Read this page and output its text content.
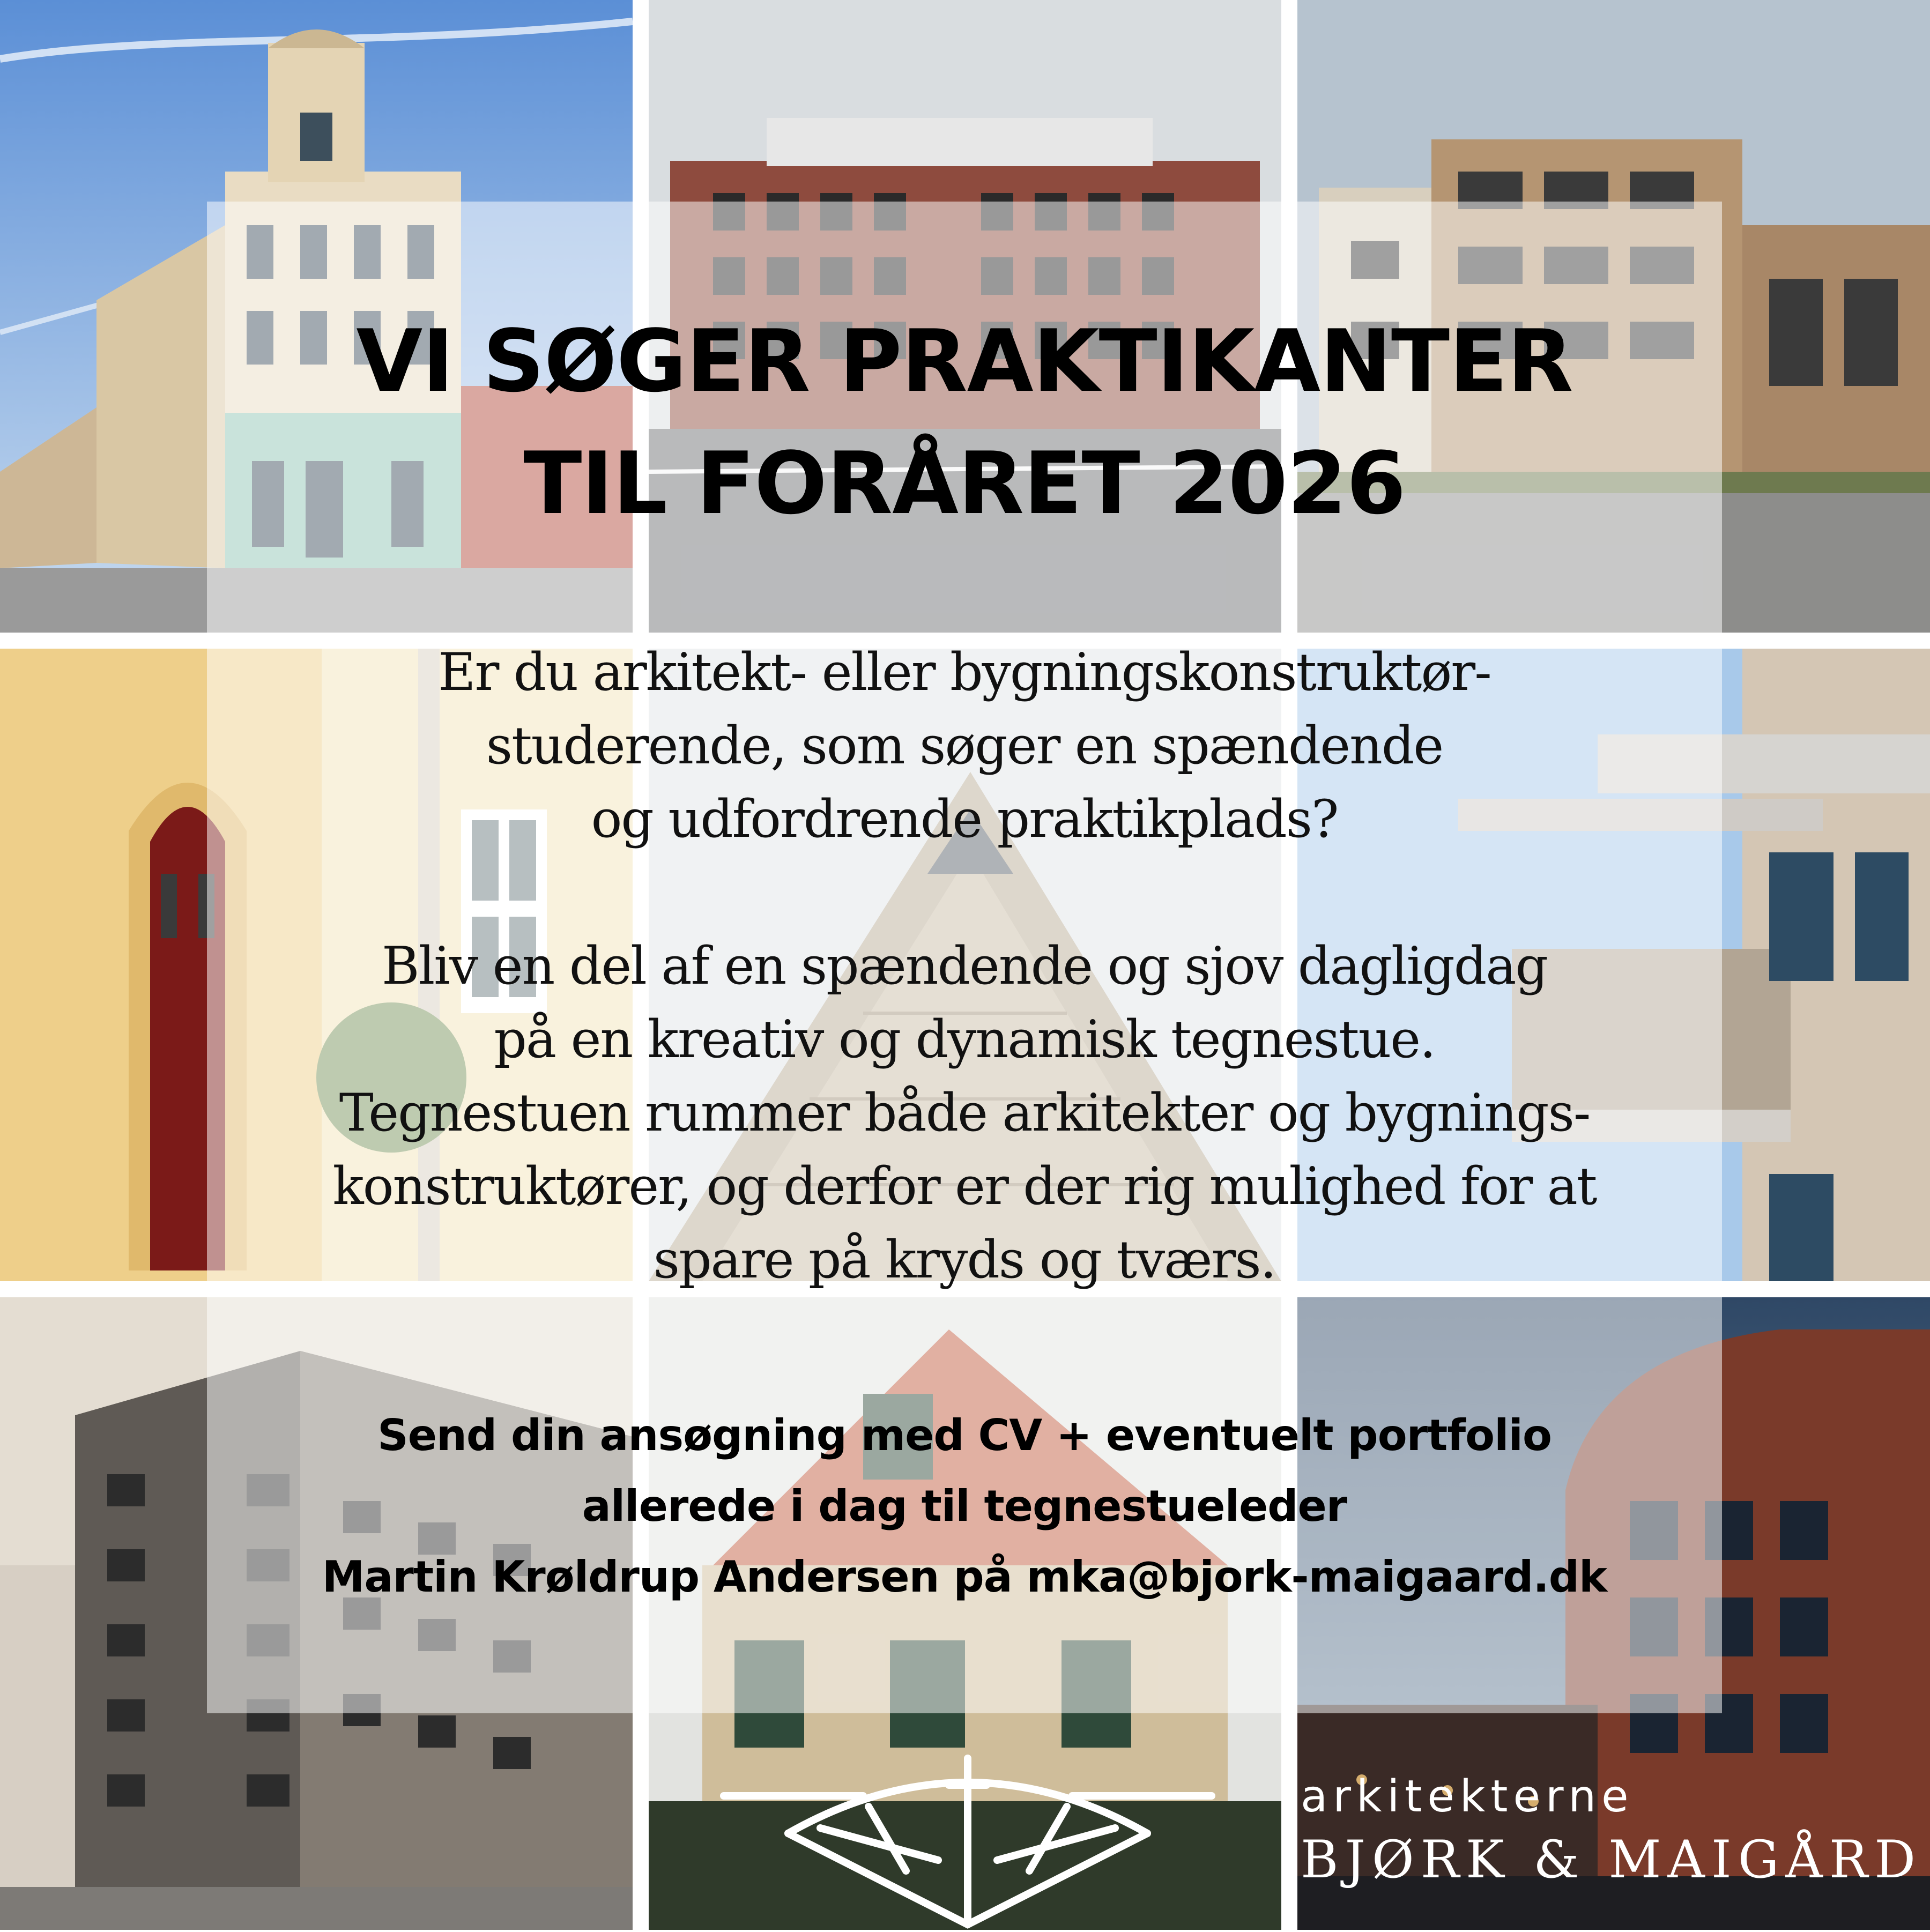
VI SØGER PRAKTIKANTER
TIL FORÅRET 2026
Er du arkitekt- eller bygningskonstruktør-
studerende, som søger en spændende
og udfordrende praktikplads?
Bliv en del af en spændende og sjov dagligdag
på en kreativ og dynamisk tegnestue.
Tegnestuen rummer både arkitekter og bygnings-
konstruktører, og derfor er der rig mulighed for at
spare på kryds og tværs.
Send din ansøgning med CV + eventuelt portfolio
allerede i dag til tegnestueleder
Martin Krøldrup Andersen på mka@bjork-maigaard.dk
arkitekterne
BJØRK & MAIGÅRD
